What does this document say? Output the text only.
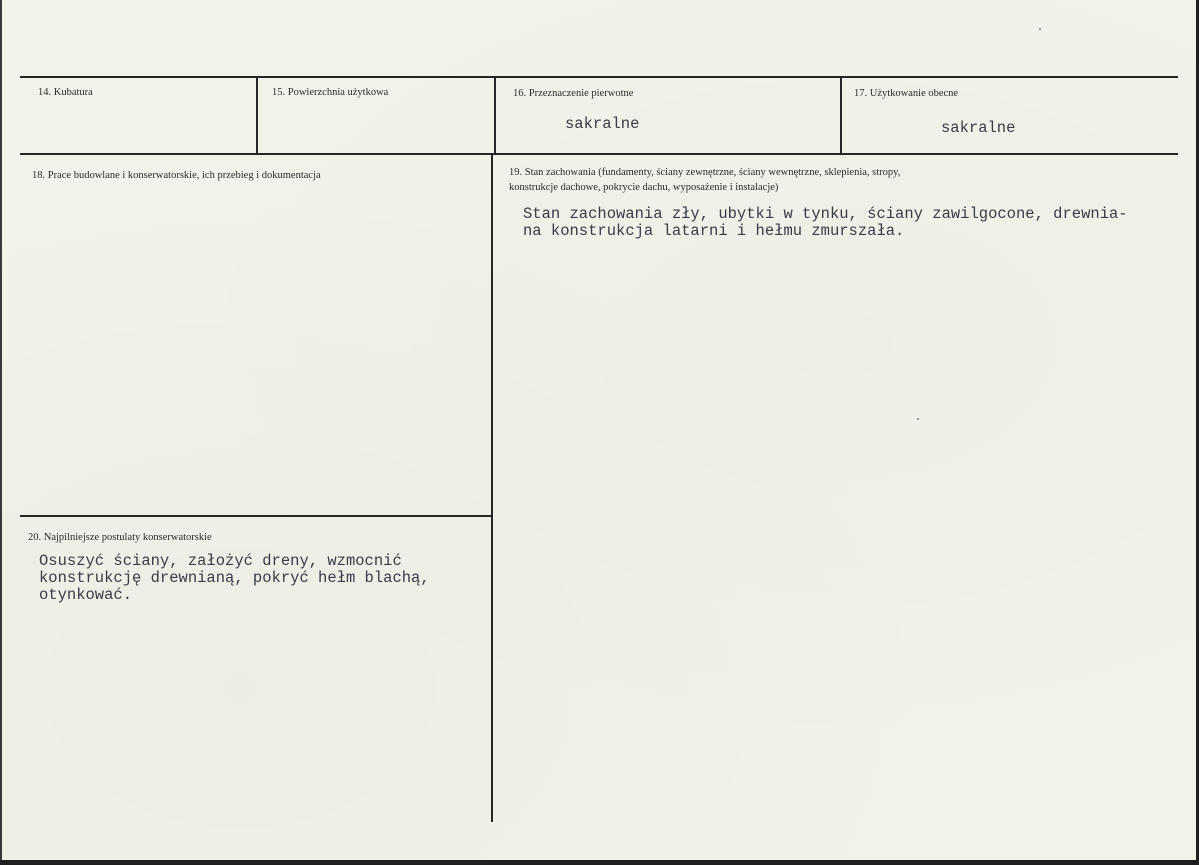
14. Kubatura	15. Powierzchnia użytkowa	16. Przeznaczenie pierwotne
sakralne
17. Użytkowanie obecne
sakralne
18. Prace budowlane i konserwatorskie, ich przebieg i dokumentacja	19. Stan zachowania (fundamenty, ściany zewnętrzne, ściany wewnętrzne, sklepienia, stropy,
konstrukcje dachowe, pokrycie dachu, wyposażenie i instalacje)
Stan zachowania zły, ubytki w tynku, ściany zawilgocone, drewnia-
na konstrukcja latarni i hełmu zmurszała.
20. Najpilniejsze postulaty konserwatorskie
Osuszyć ściany, założyć dreny, wzmocnić
konstrukcję drewnianą, pokryć hełm blachą,
otynkować.
